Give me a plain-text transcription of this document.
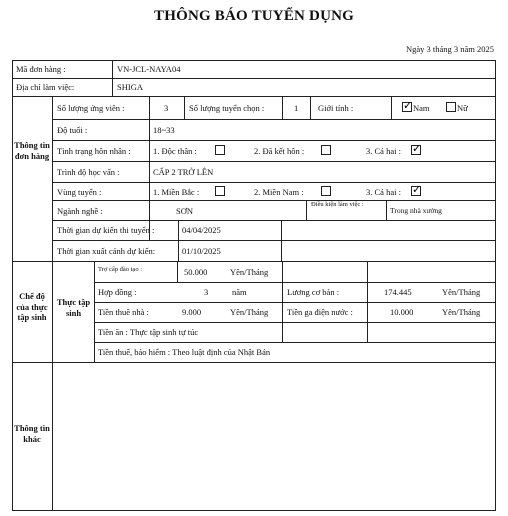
THÔNG BÁO TUYỂN DỤNG
Ngày 3 tháng 3 năm 2025
Mã đơn hàng :	VN-JCL-NAYA04
Địa chỉ làm việc:	SHIGA
Thông tin đơn hàng
Chế độ của thực tập sinh
Thực tập sinh
Thông tin khác
Số lượng ứng viên :	3 Số lượng tuyển chọn :	1 Giới tính :
✓	Nam	Nữ
Độ tuổi :	18~33
Tình trạng hôn nhân :	1. Độc thân :	2. Đã kết hôn :	3. Cả hai :
✓
Trình độ học vấn :	CẤP 2 TRỞ LÊN
Vùng tuyển :	1. Miền Bắc :	2. Miền Nam :	3. Cả hai :
✓
Ngành nghề :	SƠN
Điều kiện làm việc :
Trong nhà xưởng
Thời gian dự kiến thi tuyển :	04/04/2025
Thời gian xuất cảnh dự kiến:	01/10/2025
Trợ cấp đào tạo :	50.000	Yên/Tháng
Hợp đồng :	3	năm	Lương cơ bản :	174.445	Yên/Tháng
Tiền thuê nhà :	9.000	Yên/Tháng Tiền ga điện nước :	10.000	Yên/Tháng
Tiền ăn : Thực tập sinh tự túc
Tiền thuế, bảo hiểm : Theo luật định của Nhật Bản
